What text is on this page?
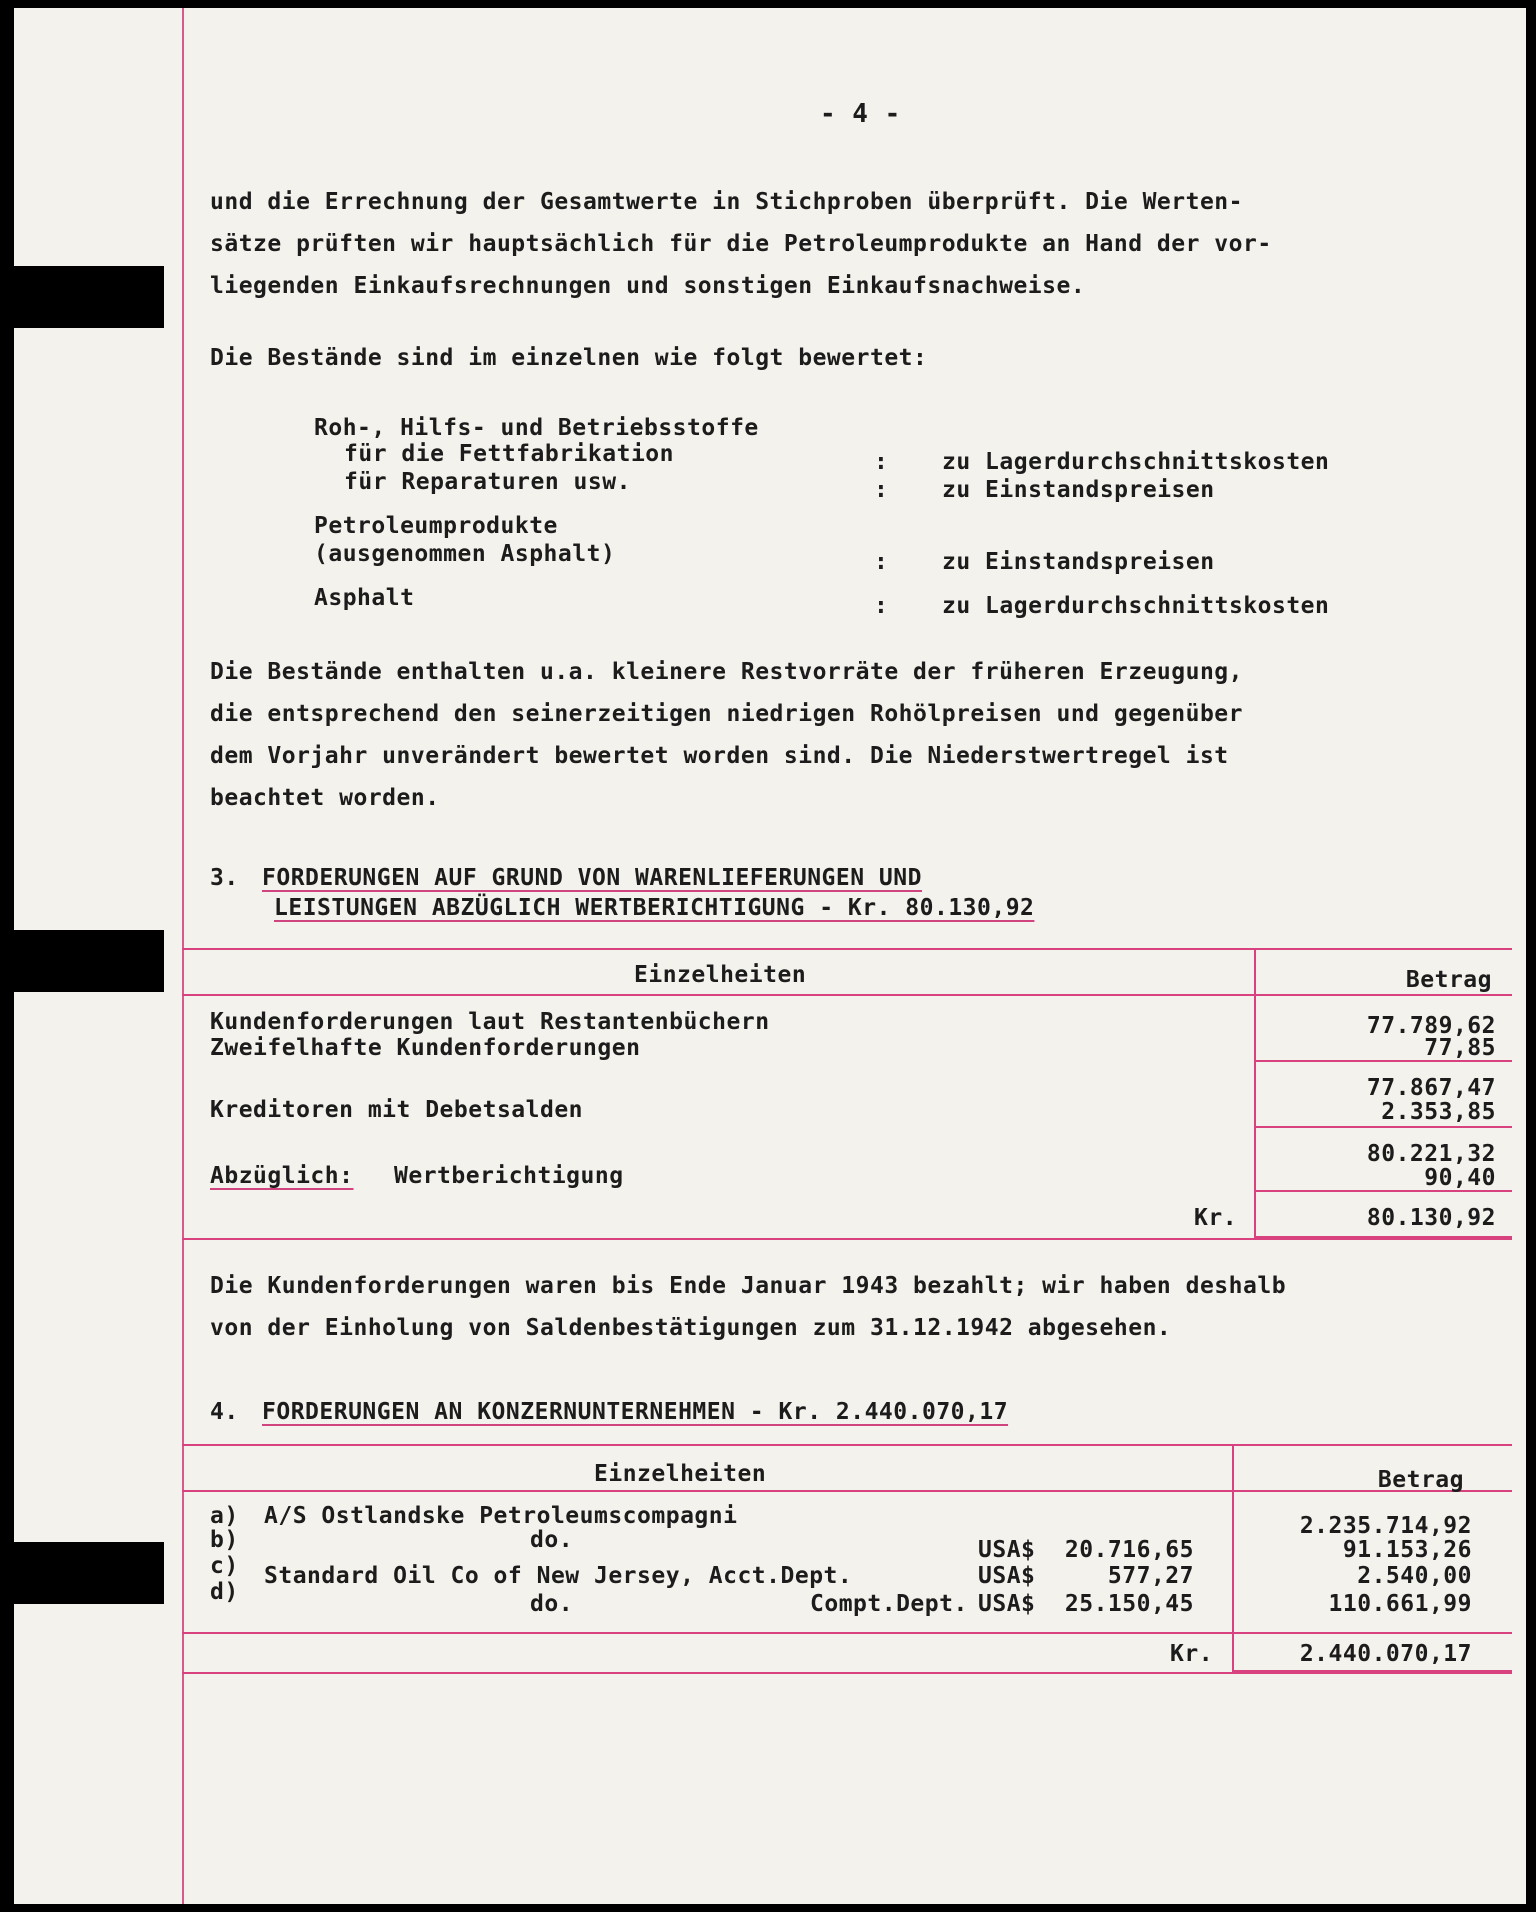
- 4 -
und die Errechnung der Gesamtwerte in Stichproben überprüft. Die Werten-
sätze prüften wir hauptsächlich für die Petroleumprodukte an Hand der vor-
liegenden Einkaufsrechnungen und sonstigen Einkaufsnachweise.
Die Bestände sind im einzelnen wie folgt bewertet:
Roh-, Hilfs- und Betriebsstoffe
für die Fettfabrikation	: zu Lagerdurchschnittskosten
für Reparaturen usw.	: zu Einstandspreisen
Petroleumprodukte
(ausgenommen Asphalt)	: zu Einstandspreisen
Asphalt	: zu Lagerdurchschnittskosten
Die Bestände enthalten u.a. kleinere Restvorräte der früheren Erzeugung,
die entsprechend den seinerzeitigen niedrigen Rohölpreisen und gegenüber
dem Vorjahr unverändert bewertet worden sind. Die Niederstwertregel ist
beachtet worden.
3. FORDERUNGEN AUF GRUND VON WARENLIEFERUNGEN UND
LEISTUNGEN ABZÜGLICH WERTBERICHTIGUNG - Kr. 80.130,92
Einzelheiten	Betrag
Kundenforderungen laut Restantenbüchern	77.789,62
Zweifelhafte Kundenforderungen	77,85
77.867,47
Kreditoren mit Debetsalden	2.353,85
80.221,32
Abzüglich: Wertberichtigung	90,40
Kr.	80.130,92
Die Kundenforderungen waren bis Ende Januar 1943 bezahlt; wir haben deshalb
von der Einholung von Saldenbestätigungen zum 31.12.1942 abgesehen.
4. FORDERUNGEN AN KONZERNUNTERNEHMEN - Kr. 2.440.070,17
Einzelheiten	Betrag
a) A/S Ostlandske Petroleumscompagni	2.235.714,92
b)	do.	USA$	20.716,65	91.153,26
c) Standard Oil Co of New Jersey, Acct.Dept.	USA$	577,27	2.540,00
d)	do.	Compt.Dept. USA$	25.150,45	110.661,99
Kr.	2.440.070,17
